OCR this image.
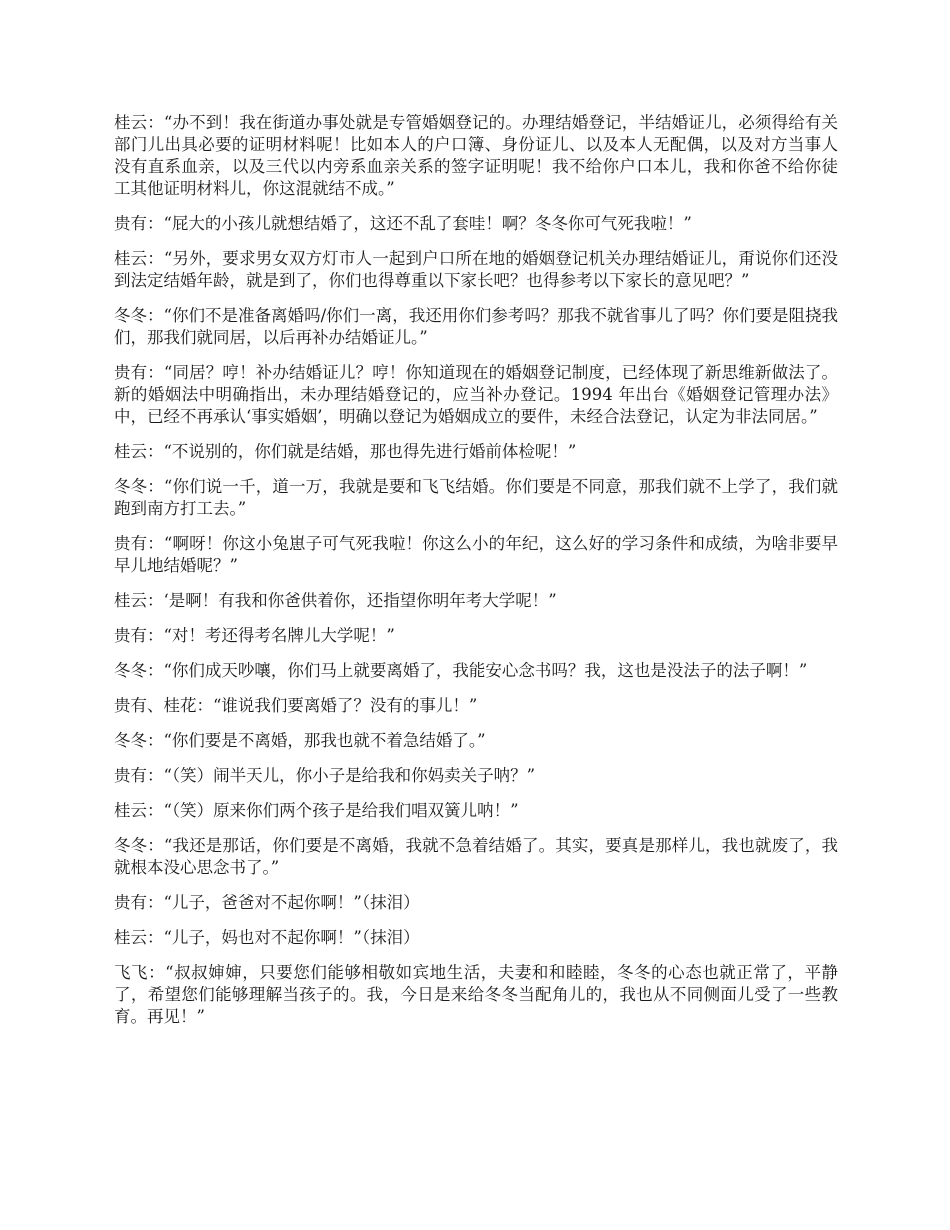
桂云：“办不到！我在街道办事处就是专管婚姻登记的。办理结婚登记，半结婚证儿，必须得给有关部门儿出具必要的证明材料呢！比如本人的户口簿、身份证儿、以及本人无配偶，以及对方当事人没有直系血亲，以及三代以内旁系血亲关系的签字证明呢！我不给你户口本儿，我和你爸不给你徒工其他证明材料儿，你这混就结不成。”

贵有：“屁大的小孩儿就想结婚了，这还不乱了套哇！啊？冬冬你可气死我啦！”

桂云：“另外，要求男女双方灯市人一起到户口所在地的婚姻登记机关办理结婚证儿，甭说你们还没到法定结婚年龄，就是到了，你们也得尊重以下家长吧？也得参考以下家长的意见吧？”

冬冬：“你们不是准备离婚吗/你们一离，我还用你们参考吗？那我不就省事儿了吗？你们要是阻挠我们，那我们就同居，以后再补办结婚证儿。”

贵有：“同居？哼！补办结婚证儿？哼！你知道现在的婚姻登记制度，已经体现了新思维新做法了。新的婚姻法中明确指出，未办理结婚登记的，应当补办登记。1994 年出台《婚姻登记管理办法》中，已经不再承认‘事实婚姻’，明确以登记为婚姻成立的要件，未经合法登记，认定为非法同居。”

桂云：“不说别的，你们就是结婚，那也得先进行婚前体检呢！”

冬冬：“你们说一千，道一万，我就是要和飞飞结婚。你们要是不同意，那我们就不上学了，我们就跑到南方打工去。”

贵有：“啊呀！你这小兔崽子可气死我啦！你这么小的年纪，这么好的学习条件和成绩，为啥非要早早儿地结婚呢？”

桂云：‘是啊！有我和你爸供着你，还指望你明年考大学呢！”

贵有：“对！考还得考名牌儿大学呢！”

冬冬：“你们成天吵嚷，你们马上就要离婚了，我能安心念书吗？我，这也是没法子的法子啊！”

贵有、桂花：“谁说我们要离婚了？没有的事儿！”

冬冬：“你们要是不离婚，那我也就不着急结婚了。”

贵有：“（笑）闹半天儿，你小子是给我和你妈卖关子呐？”

桂云：“（笑）原来你们两个孩子是给我们唱双簧儿呐！”

冬冬：“我还是那话，你们要是不离婚，我就不急着结婚了。其实，要真是那样儿，我也就废了，我就根本没心思念书了。”

贵有：“儿子，爸爸对不起你啊！”（抹泪）

桂云：“儿子，妈也对不起你啊！”（抹泪）

飞飞：“叔叔婶婶，只要您们能够相敬如宾地生活，夫妻和和睦睦，冬冬的心态也就正常了，平静了，希望您们能够理解当孩子的。我，今日是来给冬冬当配角儿的，我也从不同侧面儿受了一些教育。再见！”
